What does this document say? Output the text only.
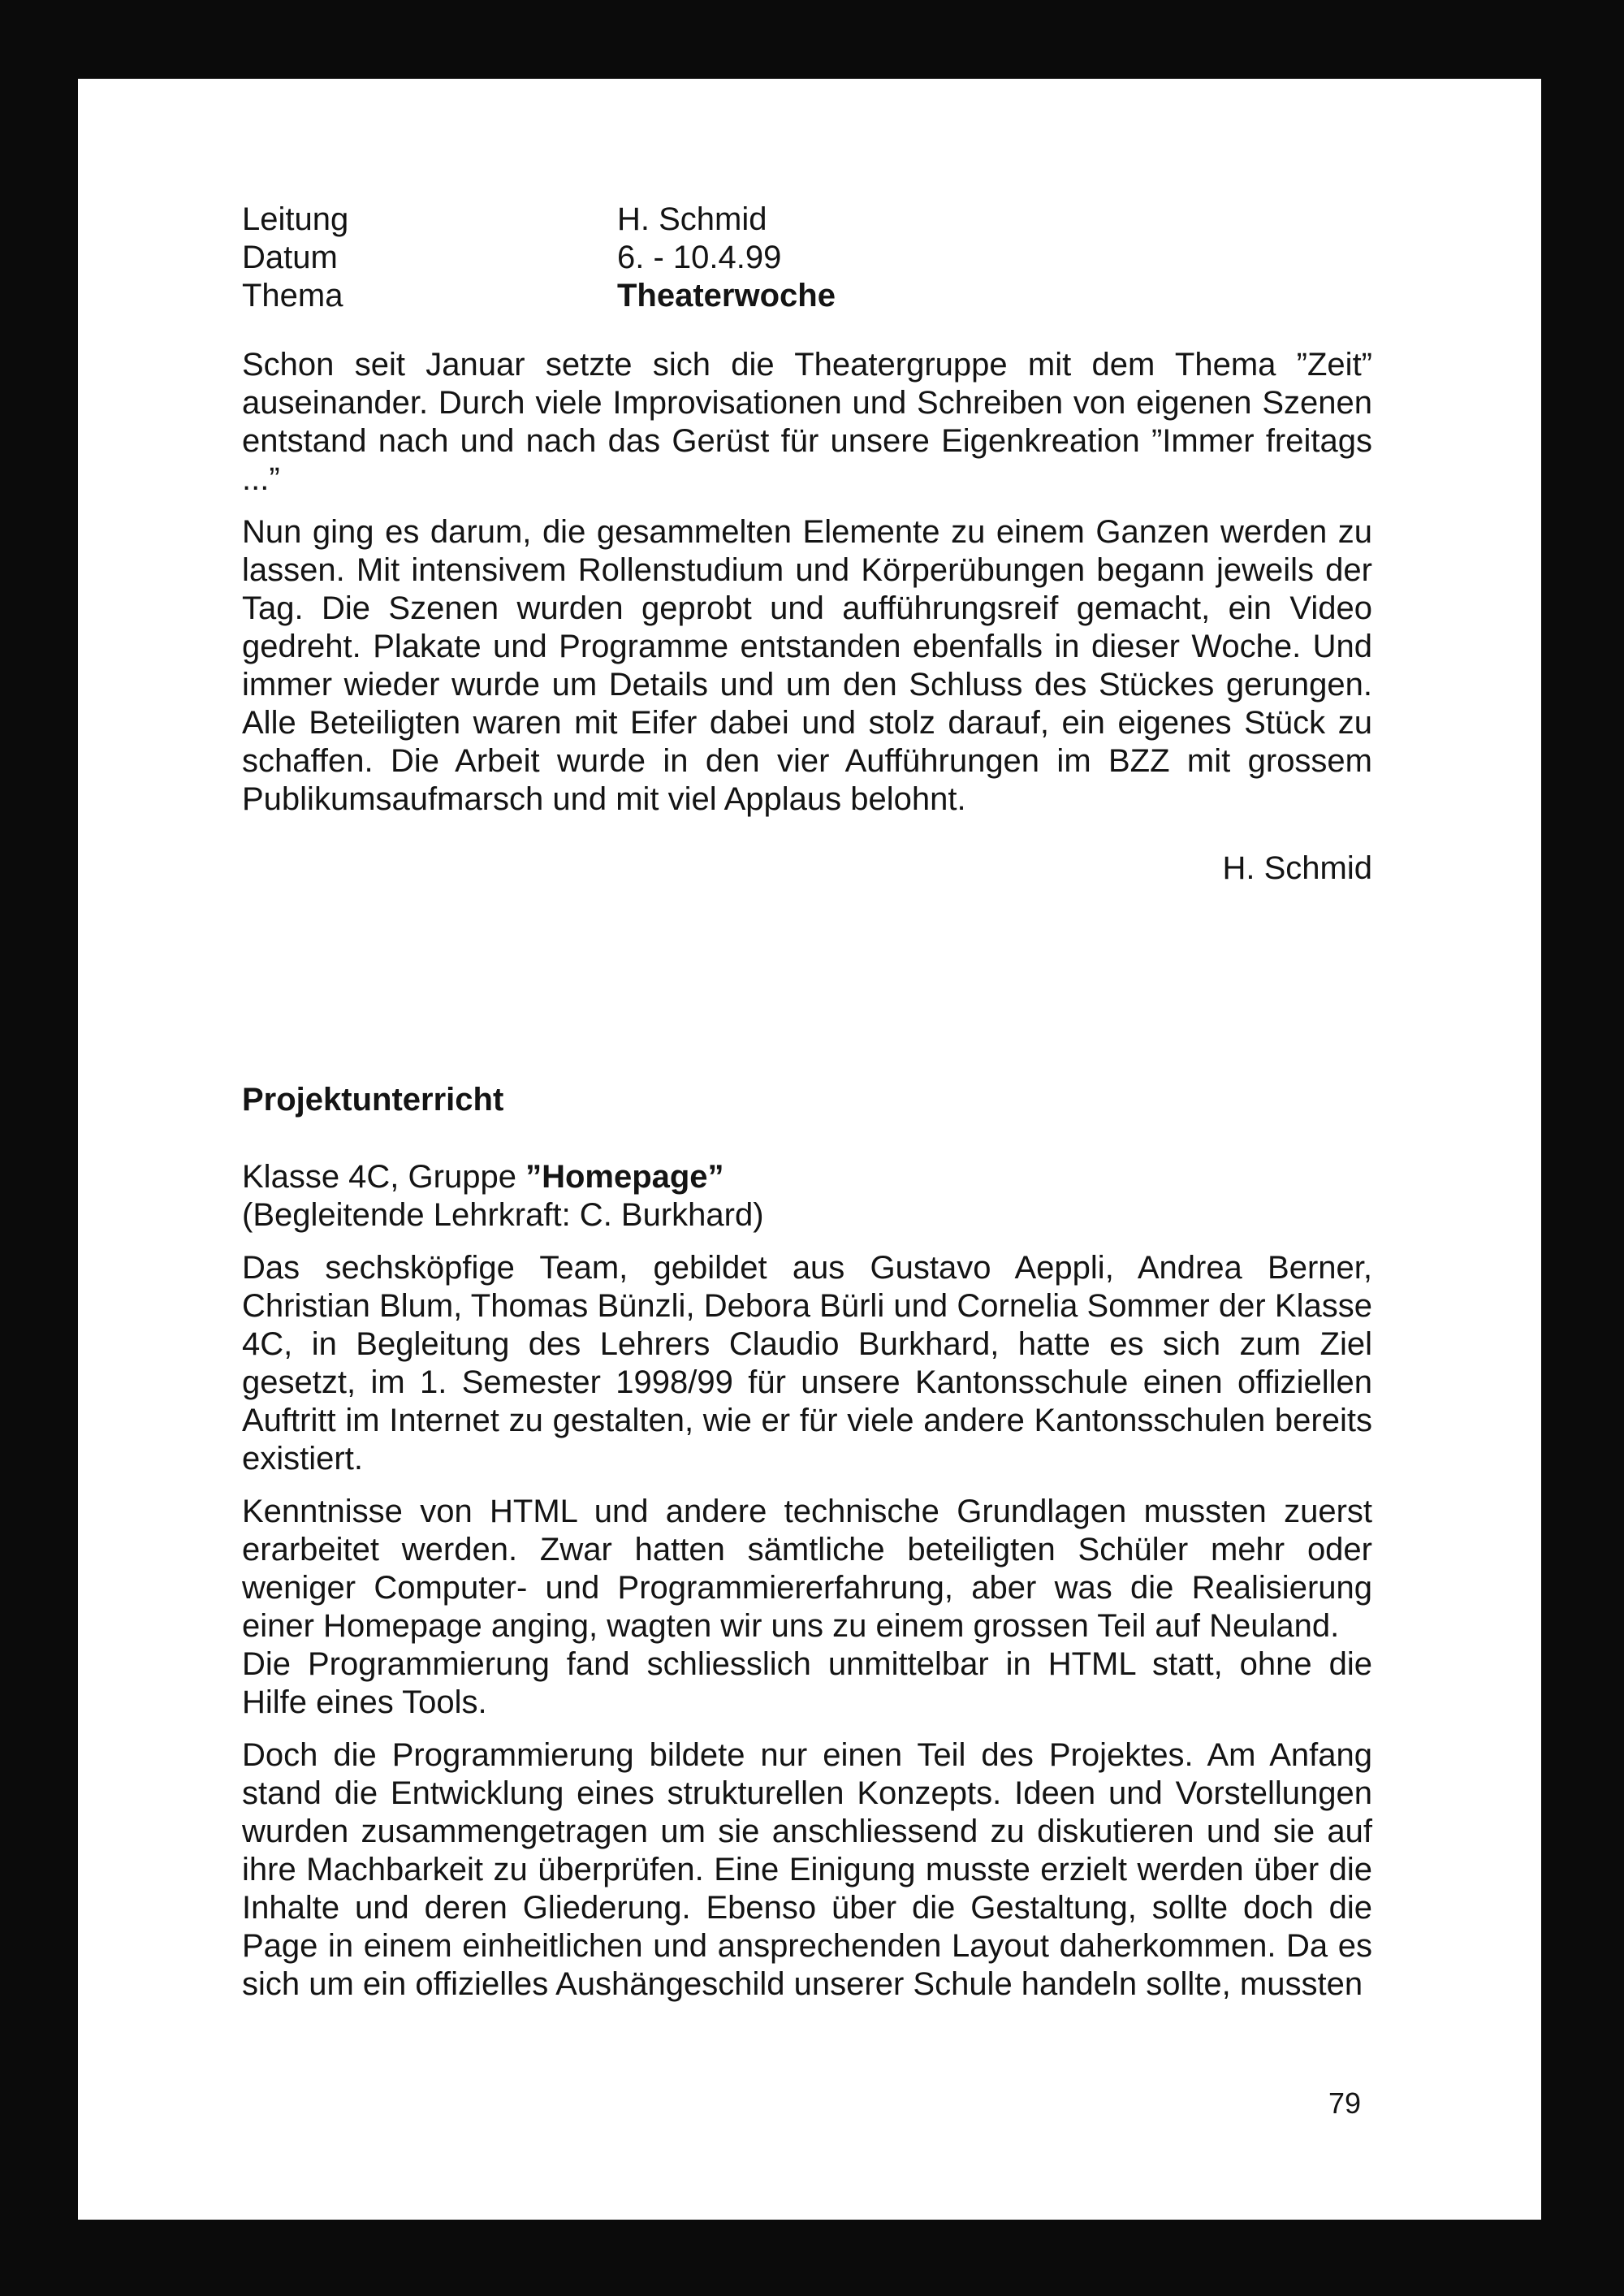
Leitung	H. Schmid
Datum	6. - 10.4.99
Thema	Theaterwoche

Schon seit Januar setzte sich die Theatergruppe mit dem Thema ”Zeit” auseinander. Durch viele Improvisationen und Schreiben von eigenen Szenen entstand nach und nach das Gerüst für unsere Eigenkreation ”Immer freitags ...”

Nun ging es darum, die gesammelten Elemente zu einem Ganzen werden zu lassen. Mit intensivem Rollenstudium und Körperübungen begann jeweils der Tag. Die Szenen wurden geprobt und aufführungsreif gemacht, ein Video gedreht. Plakate und Programme entstanden ebenfalls in dieser Woche. Und immer wieder wurde um Details und um den Schluss des Stückes gerungen. Alle Beteiligten waren mit Eifer dabei und stolz darauf, ein eigenes Stück zu schaffen. Die Arbeit wurde in den vier Aufführungen im BZZ mit grossem Publikumsaufmarsch und mit viel Applaus belohnt.

H. Schmid
Projektunterricht
Klasse 4C, Gruppe ”Homepage”
(Begleitende Lehrkraft: C. Burkhard)

Das sechsköpfige Team, gebildet aus Gustavo Aeppli, Andrea Berner, Christian Blum, Thomas Bünzli, Debora Bürli und Cornelia Sommer der Klasse 4C, in Begleitung des Lehrers Claudio Burkhard, hatte es sich zum Ziel gesetzt, im 1. Semester 1998/99 für unsere Kantonsschule einen offiziellen Auftritt im Internet zu gestalten, wie er für viele andere Kantonsschulen bereits existiert.

Kenntnisse von HTML und andere technische Grundlagen mussten zuerst erarbeitet werden. Zwar hatten sämtliche beteiligten Schüler mehr oder weniger Computer- und Programmiererfahrung, aber was die Realisierung einer Homepage anging, wagten wir uns zu einem grossen Teil auf Neuland.

Die Programmierung fand schliesslich unmittelbar in HTML statt, ohne die Hilfe eines Tools.

Doch die Programmierung bildete nur einen Teil des Projektes. Am Anfang stand die Entwicklung eines strukturellen Konzepts. Ideen und Vorstellungen wurden zusammengetragen um sie anschliessend zu diskutieren und sie auf ihre Machbarkeit zu überprüfen. Eine Einigung musste erzielt werden über die Inhalte und deren Gliederung. Ebenso über die Gestaltung, sollte doch die Page in einem einheitlichen und ansprechenden Layout daherkommen. Da es sich um ein offizielles Aushängeschild unserer Schule handeln sollte, mussten

79
